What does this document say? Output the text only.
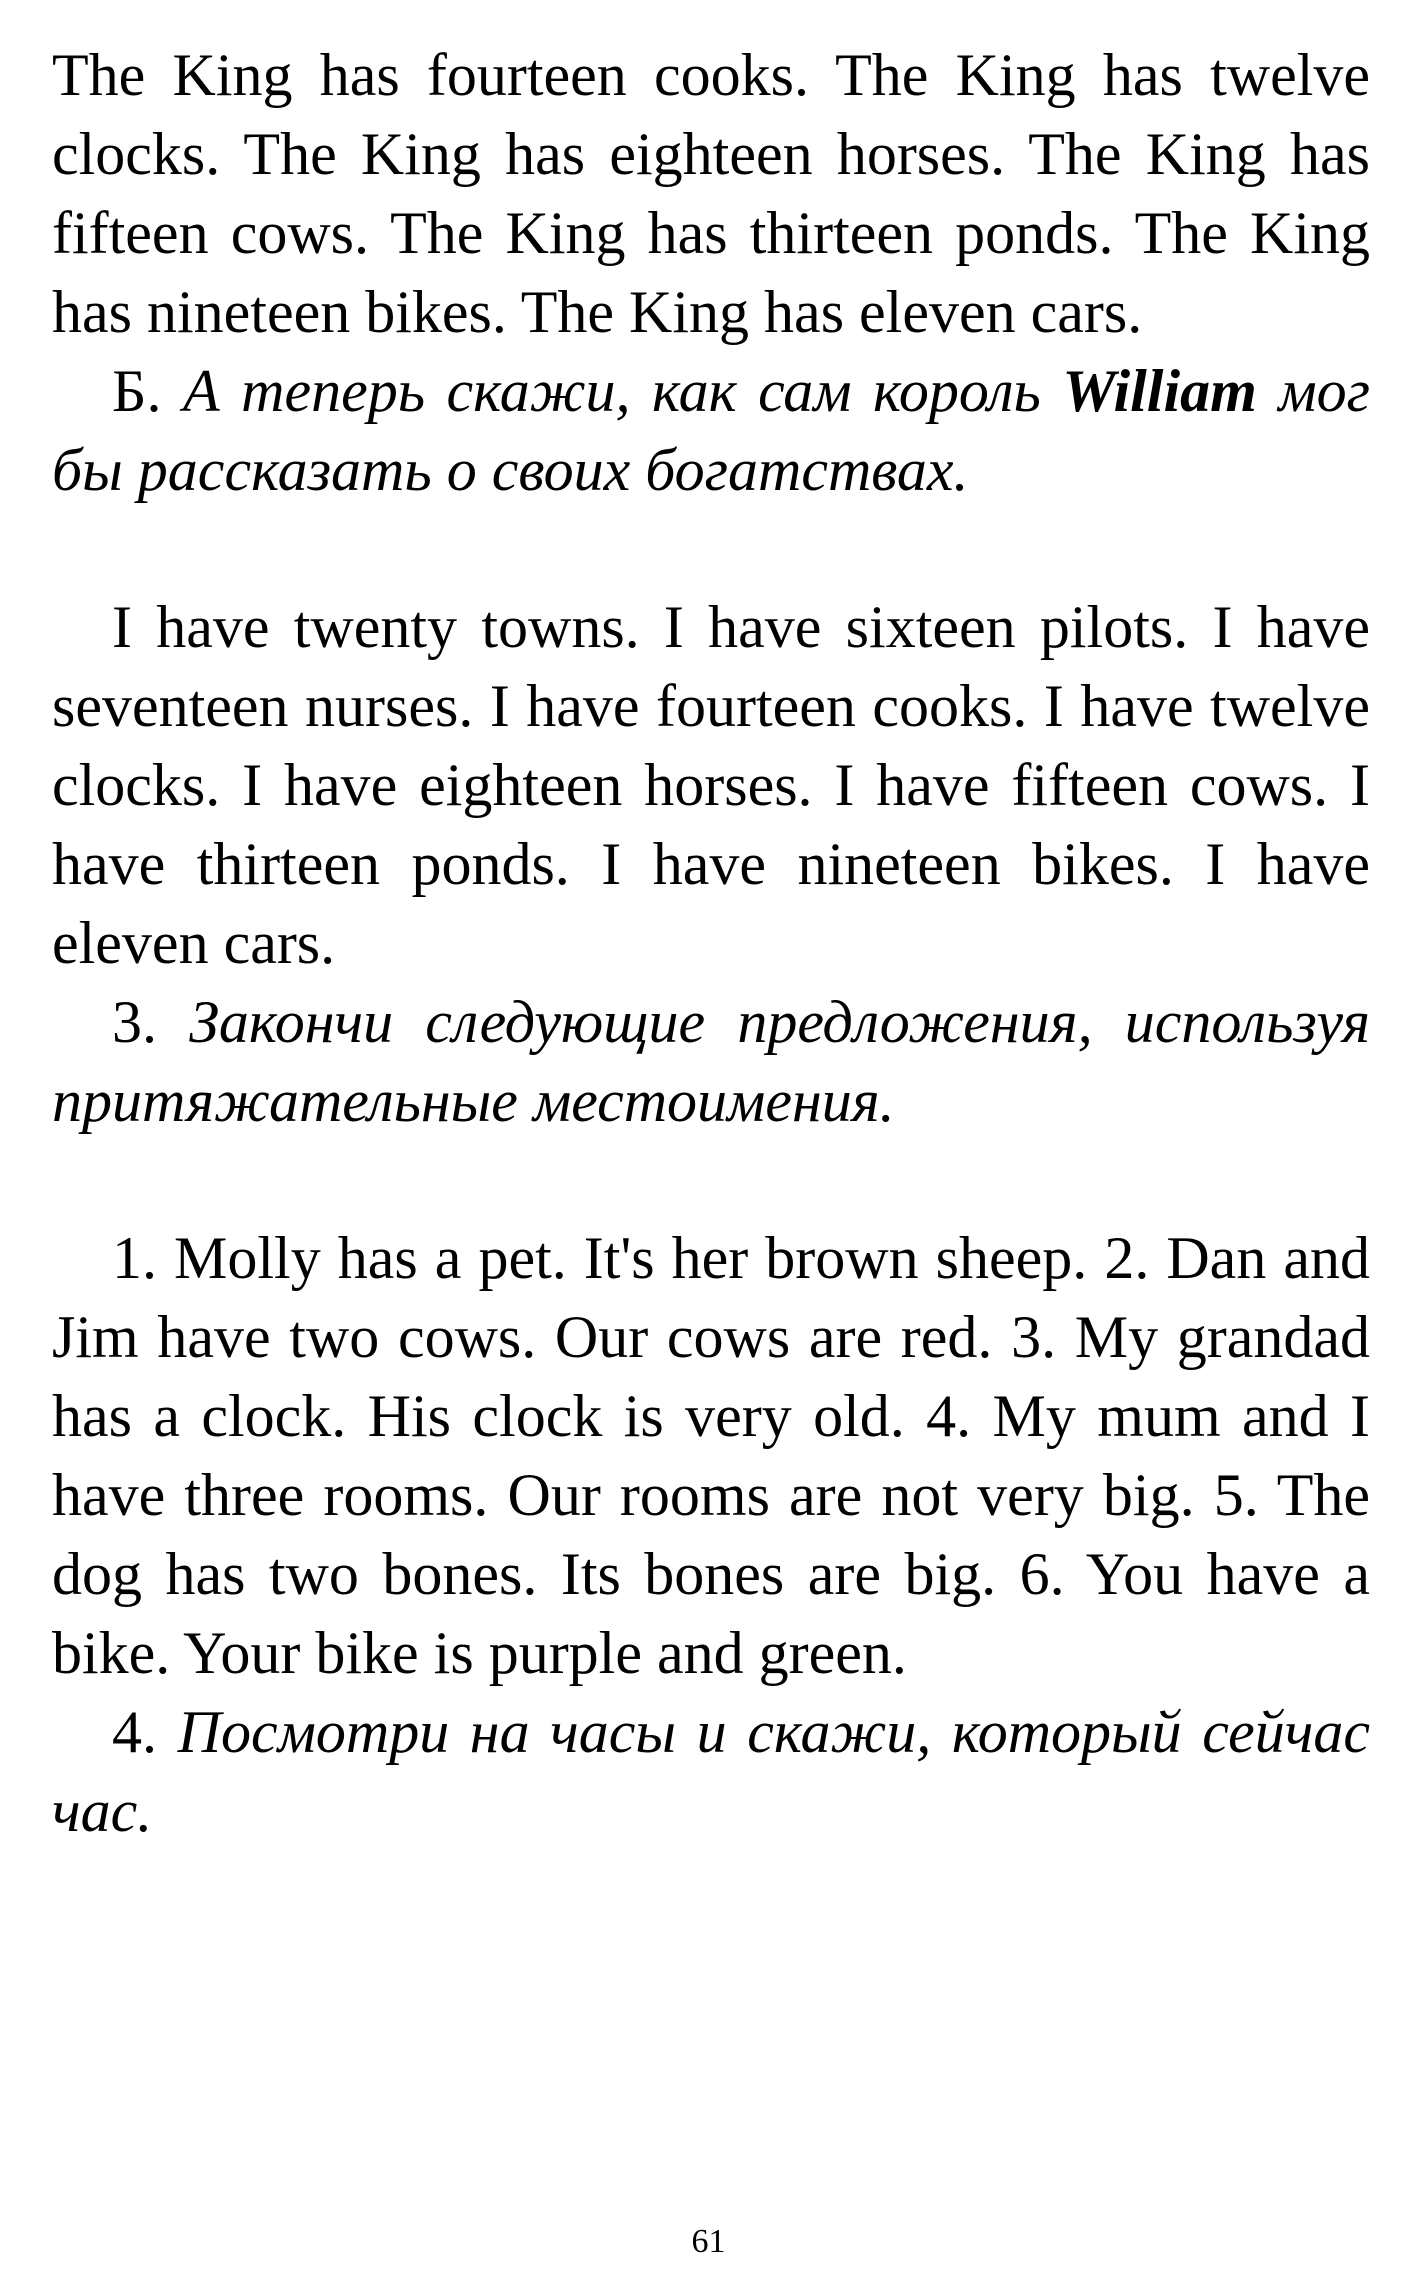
The King has fourteen cooks. The King has twelve clocks. The King has eighteen horses. The King has fifteen cows. The King has thirteen ponds. The King has nineteen bikes. The King has eleven cars.

Б. А теперь скажи, как сам король William мог бы рассказать о своих богатствах.

I have twenty towns. I have sixteen pilots. I have seventeen nurses. I have fourteen cooks. I have twelve clocks. I have eighteen horses. I have fifteen cows. I have thirteen ponds. I have nineteen bikes. I have eleven cars.

3. Закончи следующие предложения, используя притяжательные местоимения.

1. Molly has a pet. It's her brown sheep. 2. Dan and Jim have two cows. Our cows are red. 3. My grandad has a clock. His clock is very old. 4. My mum and I have three rooms. Our rooms are not very big. 5. The dog has two bones. Its bones are big. 6. You have a bike. Your bike is purple and green.

4. Посмотри на часы и скажи, который сейчас час.

61
